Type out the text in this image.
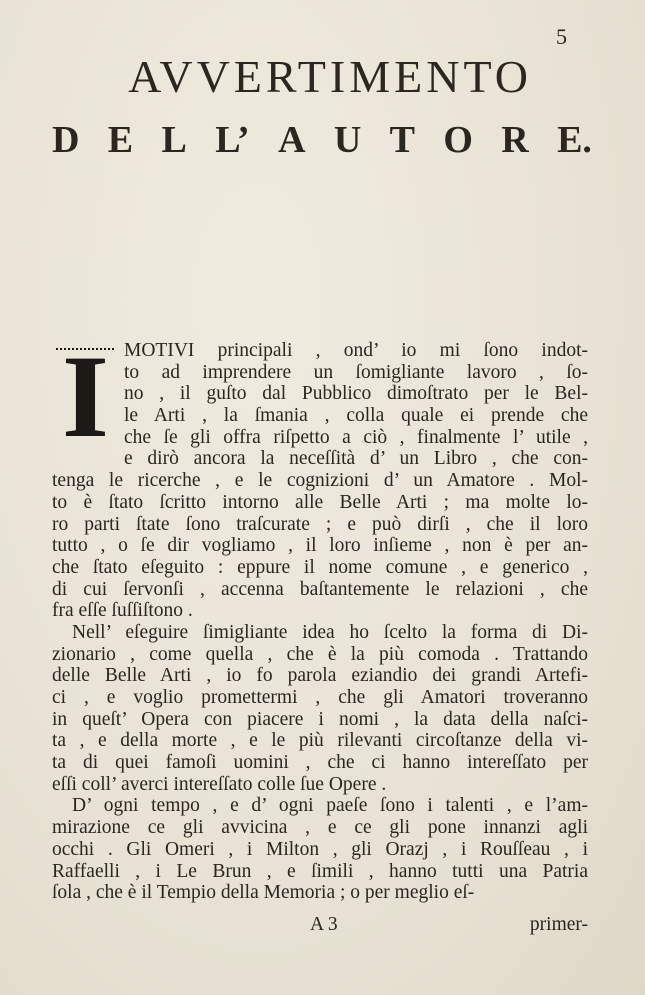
5
AVVERTIMENTO
D E L L’ A U T O R E.
I MOTIVI principali , ond’ io mi ſono indot-
to ad imprendere un ſomigliante lavoro , ſo-
no , il guſto dal Pubblico dimoſtrato per le Bel-
le Arti , la ſmania , colla quale ei prende che
che ſe gli offra riſpetto a ciò , finalmente l’ utile ,
e dirò ancora la neceſſità d’ un Libro , che con-
tenga le ricerche , e le cognizioni d’ un Amatore . Mol-
to è ſtato ſcritto intorno alle Belle Arti ; ma molte lo-
ro parti ſtate ſono traſcurate ; e può dirſi , che il loro
tutto , o ſe dir vogliamo , il loro inſieme , non è per an-
che ſtato eſeguito : eppure il nome comune , e generico ,
di cui ſervonſi , accenna baſtantemente le relazioni , che
fra eſſe ſuſſiſtono .
Nell’ eſeguire ſimigliante idea ho ſcelto la forma di Di-
zionario , come quella , che è la più comoda . Trattando
delle Belle Arti , io fo parola eziandio dei grandi Artefi-
ci , e voglio promettermi , che gli Amatori troveranno
in queſt’ Opera con piacere i nomi , la data della naſci-
ta , e della morte , e le più rilevanti circoſtanze della vi-
ta di quei famoſi uomini , che ci hanno intereſſato per
eſſi coll’ averci intereſſato colle ſue Opere .
D’ ogni tempo , e d’ ogni paeſe ſono i talenti , e l’am-
mirazione ce gli avvicina , e ce gli pone innanzi agli
occhi . Gli Omeri , i Milton , gli Orazj , i Rouſſeau , i
Raffaelli , i Le Brun , e ſimili , hanno tutti una Patria
ſola , che è il Tempio della Memoria ; o per meglio eſ-
A 3	primer-
